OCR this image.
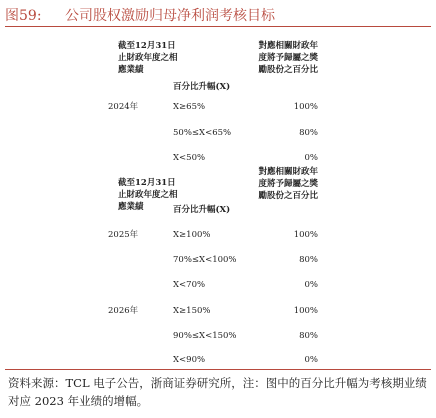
图59: 公司股权激励归母净利润考核目标
截至12月31日止財政年度之相應業績
百分比升幅(X)
對應相關財政年度將予歸屬之獎勵股份之百分比
2024年	X≥65%	100%
50%≤X<65%	80%
X<50%	0%
截至12月31日止財政年度之相應業績	百分比升幅(X)
對應相關財政年度將予歸屬之獎勵股份之百分比
2025年	X≥100%	100%
70%≤X<100%	80%
X<70%	0%
2026年	X≥150%	100%
90%≤X<150%	80%
X<90%	0%
资料来源：TCL 电子公告，浙商证券研究所，注：图中的百分比升幅为考核期业绩对应 2023 年业绩的增幅。
